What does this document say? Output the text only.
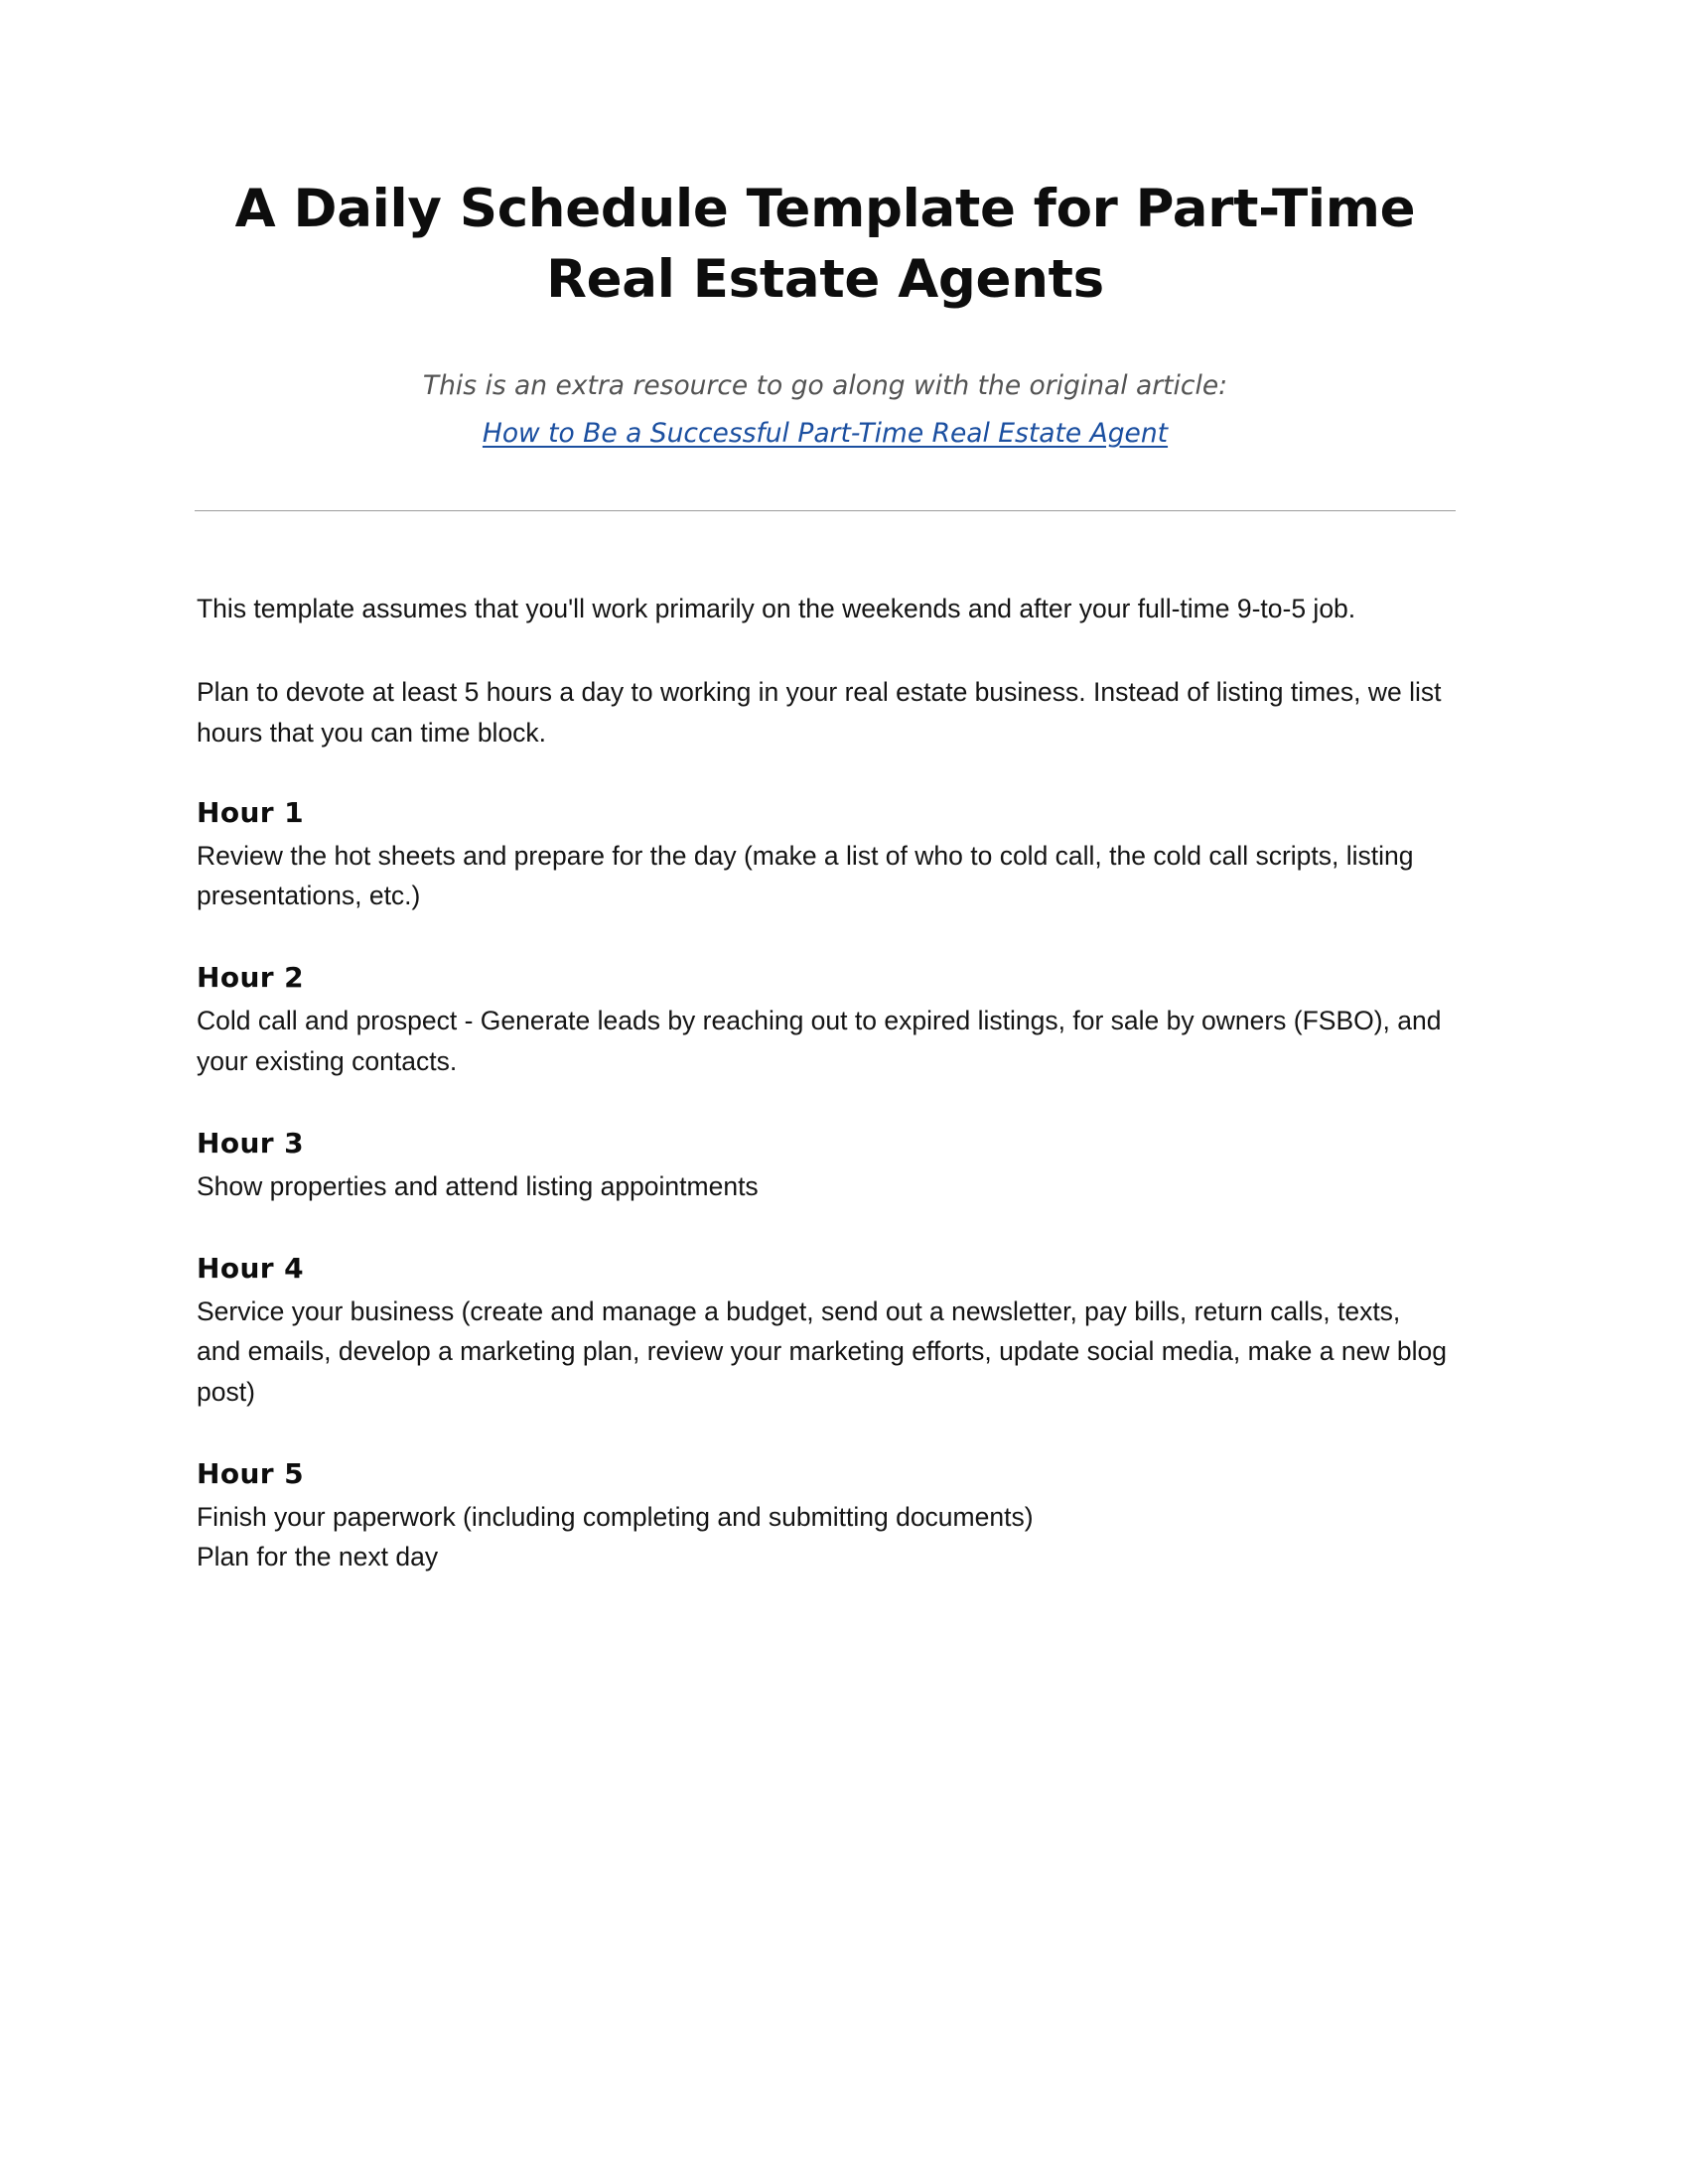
A Daily Schedule Template for Part-Time Real Estate Agents
This is an extra resource to go along with the original article:
How to Be a Successful Part-Time Real Estate Agent

This template assumes that you'll work primarily on the weekends and after your full-time 9-to-5 job.

Plan to devote at least 5 hours a day to working in your real estate business. Instead of listing times, we list hours that you can time block.

Hour 1

Review the hot sheets and prepare for the day (make a list of who to cold call, the cold call scripts, listing presentations, etc.)

Hour 2

Cold call and prospect - Generate leads by reaching out to expired listings, for sale by owners (FSBO), and your existing contacts.

Hour 3

Show properties and attend listing appointments

Hour 4

Service your business (create and manage a budget, send out a newsletter, pay bills, return calls, texts, and emails, develop a marketing plan, review your marketing efforts, update social media, make a new blog post)

Hour 5

Finish your paperwork (including completing and submitting documents)

Plan for the next day
